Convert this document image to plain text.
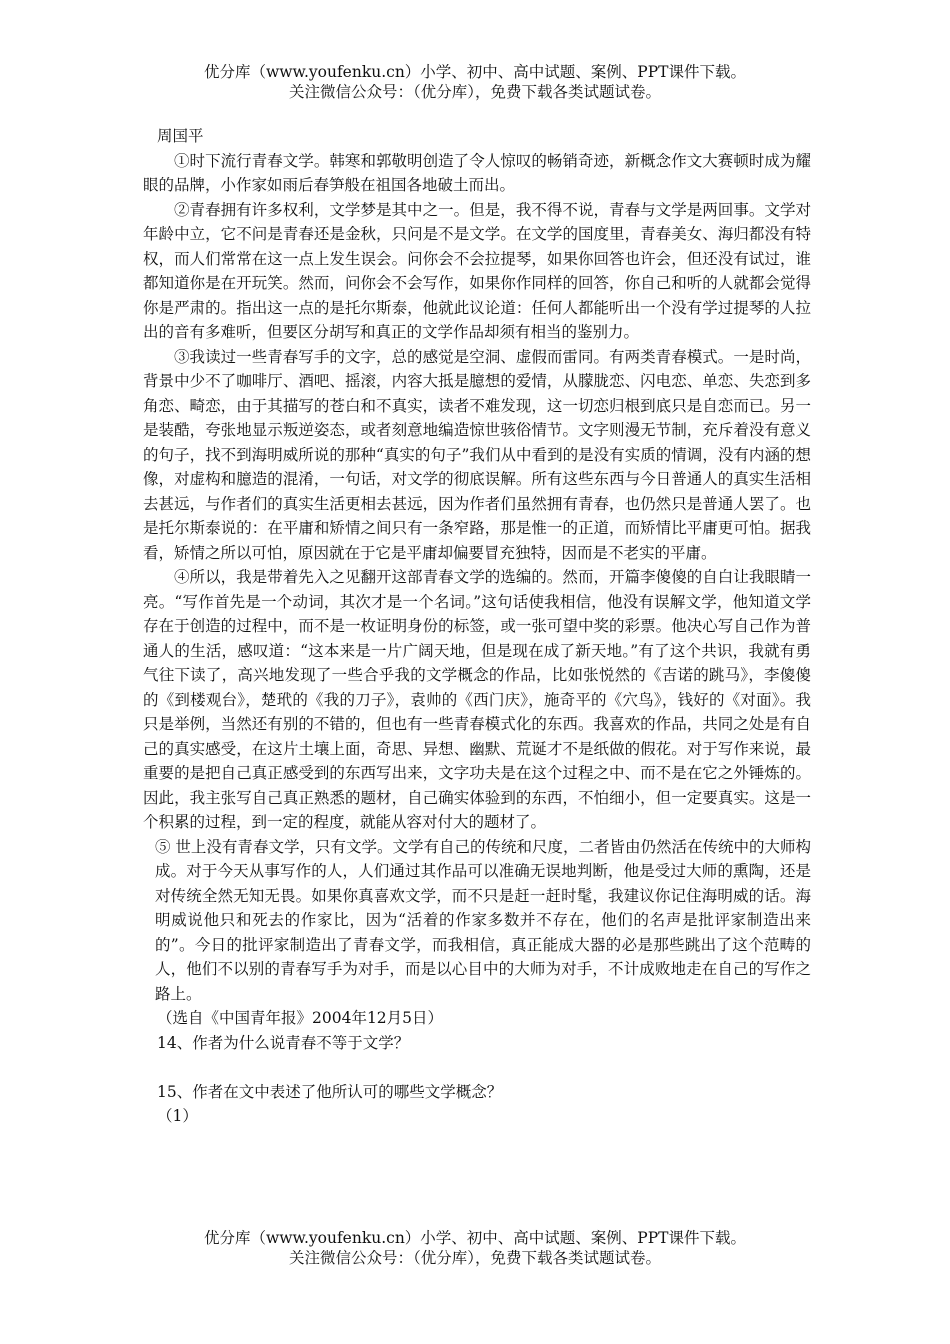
优分库（www.youfenku.cn）小学、初中、高中试题、案例、PPT课件下载。
关注微信公众号：（优分库），免费下载各类试题试卷。

周国平

①时下流行青春文学。韩寒和郭敬明创造了令人惊叹的畅销奇迹，新概念作文大赛顿时成为耀眼的品牌，小作家如雨后春笋般在祖国各地破土而出。

②青春拥有许多权利，文学梦是其中之一。但是，我不得不说，青春与文学是两回事。文学对年龄中立，它不问是青春还是金秋，只问是不是文学。在文学的国度里，青春美女、海归都没有特权，而人们常常在这一点上发生误会。问你会不会拉提琴，如果你回答也许会，但还没有试过，谁都知道你是在开玩笑。然而，问你会不会写作，如果你作同样的回答，你自己和听的人就都会觉得你是严肃的。指出这一点的是托尔斯泰，他就此议论道：任何人都能听出一个没有学过提琴的人拉出的音有多难听，但要区分胡写和真正的文学作品却须有相当的鉴别力。

③我读过一些青春写手的文字，总的感觉是空洞、虚假而雷同。有两类青春模式。一是时尚，背景中少不了咖啡厅、酒吧、摇滚，内容大抵是臆想的爱情，从朦胧恋、闪电恋、单恋、失恋到多角恋、畸恋，由于其描写的苍白和不真实，读者不难发现，这一切恋归根到底只是自恋而已。另一是装酷，夸张地显示叛逆姿态，或者刻意地编造惊世骇俗情节。文字则漫无节制，充斥着没有意义的句子，找不到海明威所说的那种“真实的句子”我们从中看到的是没有实质的情调，没有内涵的想像，对虚构和臆造的混淆，一句话，对文学的彻底误解。所有这些东西与今日普通人的真实生活相去甚远，与作者们的真实生活更相去甚远，因为作者们虽然拥有青春，也仍然只是普通人罢了。也是托尔斯泰说的：在平庸和矫情之间只有一条窄路，那是惟一的正道，而矫情比平庸更可怕。据我看，矫情之所以可怕，原因就在于它是平庸却偏要冒充独特，因而是不老实的平庸。

④所以，我是带着先入之见翻开这部青春文学的选编的。然而，开篇李傻傻的自白让我眼睛一亮。“写作首先是一个动词，其次才是一个名词。”这句话使我相信，他没有误解文学，他知道文学存在于创造的过程中，而不是一枚证明身份的标签，或一张可望中奖的彩票。他决心写自己作为普通人的生活，感叹道：“这本来是一片广阔天地，但是现在成了新天地。”有了这个共识，我就有勇气往下读了，高兴地发现了一些合乎我的文学概念的作品，比如张悦然的《吉诺的跳马》，李傻傻的《到楼观台》，楚玳的《我的刀子》，袁帅的《西门庆》，施奇平的《穴鸟》，钱好的《对面》。我只是举例，当然还有别的不错的，但也有一些青春模式化的东西。我喜欢的作品，共同之处是有自己的真实感受，在这片土壤上面，奇思、异想、幽默、荒诞才不是纸做的假花。对于写作来说，最重要的是把自己真正感受到的东西写出来，文字功夫是在这个过程之中、而不是在它之外锤炼的。因此，我主张写自己真正熟悉的题材，自己确实体验到的东西，不怕细小，但一定要真实。这是一个积累的过程，到一定的程度，就能从容对付大的题材了。

⑤ 世上没有青春文学，只有文学。文学有自己的传统和尺度，二者皆由仍然活在传统中的大师构成。对于今天从事写作的人，人们通过其作品可以准确无误地判断，他是受过大师的熏陶，还是对传统全然无知无畏。如果你真喜欢文学，而不只是赶一赶时髦，我建议你记住海明威的话。海明威说他只和死去的作家比，因为“活着的作家多数并不存在，他们的名声是批评家制造出来的”。今日的批评家制造出了青春文学，而我相信，真正能成大器的必是那些跳出了这个范畴的人，他们不以别的青春写手为对手，而是以心目中的大师为对手，不计成败地走在自己的写作之路上。

（选自《中国青年报》2004年12月5日）

14、作者为什么说青春不等于文学？

15、作者在文中表述了他所认可的哪些文学概念？

（1）

优分库（www.youfenku.cn）小学、初中、高中试题、案例、PPT课件下载。
关注微信公众号：（优分库），免费下载各类试题试卷。
